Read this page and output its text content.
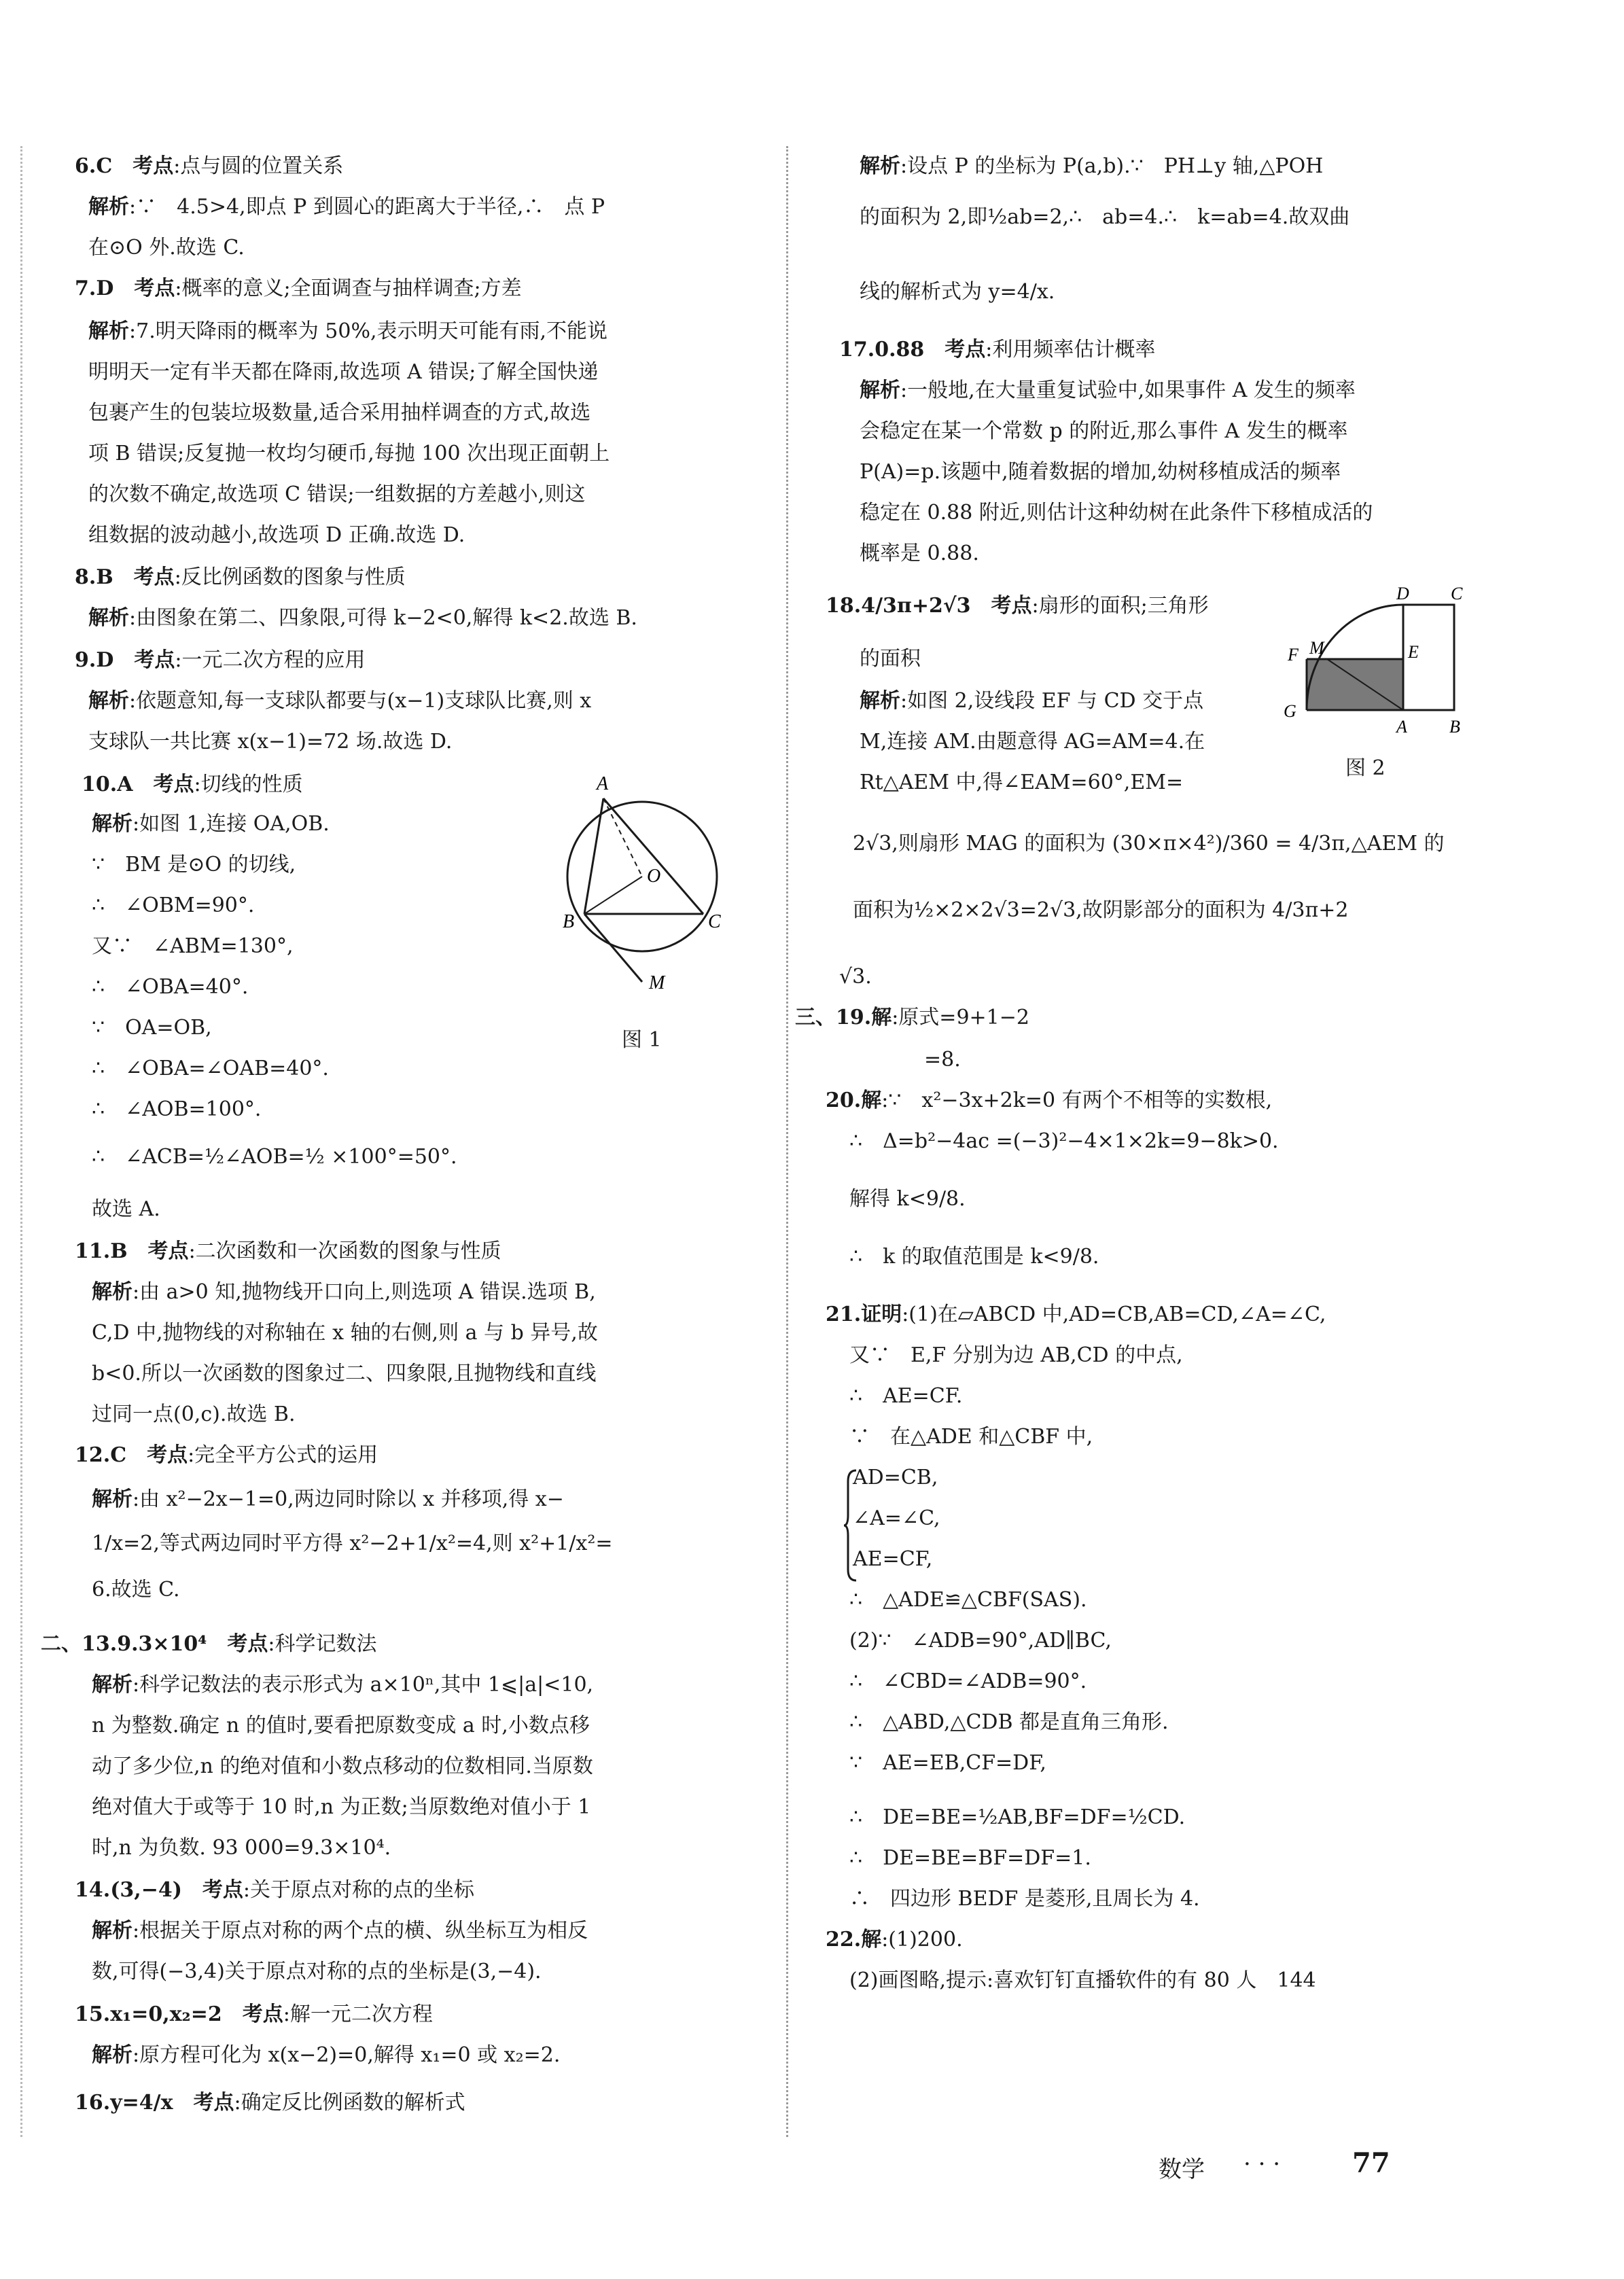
6.C　考点:点与圆的位置关系
解析:∵　4.5>4,即点 P 到圆心的距离大于半径,∴　点 P
在⊙O 外.故选 C.
7.D　考点:概率的意义;全面调查与抽样调查;方差
解析:7.明天降雨的概率为 50%,表示明天可能有雨,不能说
明明天一定有半天都在降雨,故选项 A 错误;了解全国快递
包裹产生的包装垃圾数量,适合采用抽样调查的方式,故选
项 B 错误;反复抛一枚均匀硬币,每抛 100 次出现正面朝上
的次数不确定,故选项 C 错误;一组数据的方差越小,则这
组数据的波动越小,故选项 D 正确.故选 D.
8.B　考点:反比例函数的图象与性质
解析:由图象在第二、四象限,可得 k−2<0,解得 k<2.故选 B.
9.D　考点:一元二次方程的应用
解析:依题意知,每一支球队都要与(x−1)支球队比赛,则 x
支球队一共比赛 x(x−1)=72 场.故选 D.
10.A　考点:切线的性质
解析:如图 1,连接 OA,OB.
∵　BM 是⊙O 的切线,
∴　∠OBM=90°.
又∵　∠ABM=130°,
∴　∠OBA=40°.
∵　OA=OB,
∴　∠OBA=∠OAB=40°.
∴　∠AOB=100°.
∴　∠ACB=½∠AOB=½ ×100°=50°.
故选 A.
11.B　考点:二次函数和一次函数的图象与性质
解析:由 a>0 知,抛物线开口向上,则选项 A 错误.选项 B,
C,D 中,抛物线的对称轴在 x 轴的右侧,则 a 与 b 异号,故
b<0.所以一次函数的图象过二、四象限,且抛物线和直线
过同一点(0,c).故选 B.
12.C　考点:完全平方公式的运用
解析:由 x²−2x−1=0,两边同时除以 x 并移项,得 x−
1/x=2,等式两边同时平方得 x²−2+1/x²=4,则 x²+1/x²=
6.故选 C.
二、13.9.3×10⁴　考点:科学记数法
解析:科学记数法的表示形式为 a×10ⁿ,其中 1⩽|a|<10,
n 为整数.确定 n 的值时,要看把原数变成 a 时,小数点移
动了多少位,n 的绝对值和小数点移动的位数相同.当原数
绝对值大于或等于 10 时,n 为正数;当原数绝对值小于 1
时,n 为负数. 93 000=9.3×10⁴.
14.(3,−4)　考点:关于原点对称的点的坐标
解析:根据关于原点对称的两个点的横、纵坐标互为相反
数,可得(−3,4)关于原点对称的点的坐标是(3,−4).
15.x₁=0,x₂=2　考点:解一元二次方程
解析:原方程可化为 x(x−2)=0,解得 x₁=0 或 x₂=2.
16.y=4/x　考点:确定反比例函数的解析式
解析:设点 P 的坐标为 P(a,b).∵　PH⊥y 轴,△POH
的面积为 2,即½ab=2,∴　ab=4.∴　k=ab=4.故双曲
线的解析式为 y=4/x.
17.0.88　考点:利用频率估计概率
解析:一般地,在大量重复试验中,如果事件 A 发生的频率
会稳定在某一个常数 p 的附近,那么事件 A 发生的概率
P(A)=p.该题中,随着数据的增加,幼树移植成活的频率
稳定在 0.88 附近,则估计这种幼树在此条件下移植成活的
概率是 0.88.
18.4/3π+2√3　考点:扇形的面积;三角形
的面积
解析:如图 2,设线段 EF 与 CD 交于点
M,连接 AM.由题意得 AG=AM=4.在
Rt△AEM 中,得∠EAM=60°,EM=
2√3,则扇形 MAG 的面积为 (30×π×4²)/360 = 4/3π,△AEM 的
面积为½×2×2√3=2√3,故阴影部分的面积为 4/3π+2
√3.
三、19.解:原式=9+1−2
=8.
20.解:∵　x²−3x+2k=0 有两个不相等的实数根,
∴　Δ=b²−4ac =(−3)²−4×1×2k=9−8k>0.
解得 k<9/8.
∴　k 的取值范围是 k<9/8.
21.证明:(1)在▱ABCD 中,AD=CB,AB=CD,∠A=∠C,
又∵　E,F 分别为边 AB,CD 的中点,
∴　AE=CF.
∵　在△ADE 和△CBF 中,
AD=CB,
∠A=∠C,
AE=CF,
∴　△ADE≌△CBF(SAS).
(2)∵　∠ADB=90°,AD∥BC,
∴　∠CBD=∠ADB=90°.
∴　△ABD,△CDB 都是直角三角形.
∵　AE=EB,CF=DF,
∴　DE=BE=½AB,BF=DF=½CD.
∴　DE=BE=BF=DF=1.
∴　四边形 BEDF 是菱形,且周长为 4.
22.解:(1)200.
(2)画图略,提示:喜欢钉钉直播软件的有 80 人　144
A
B	C
O
M
图 1
D C
F M	E
G
A B
图 2
数学 · · ·	77
